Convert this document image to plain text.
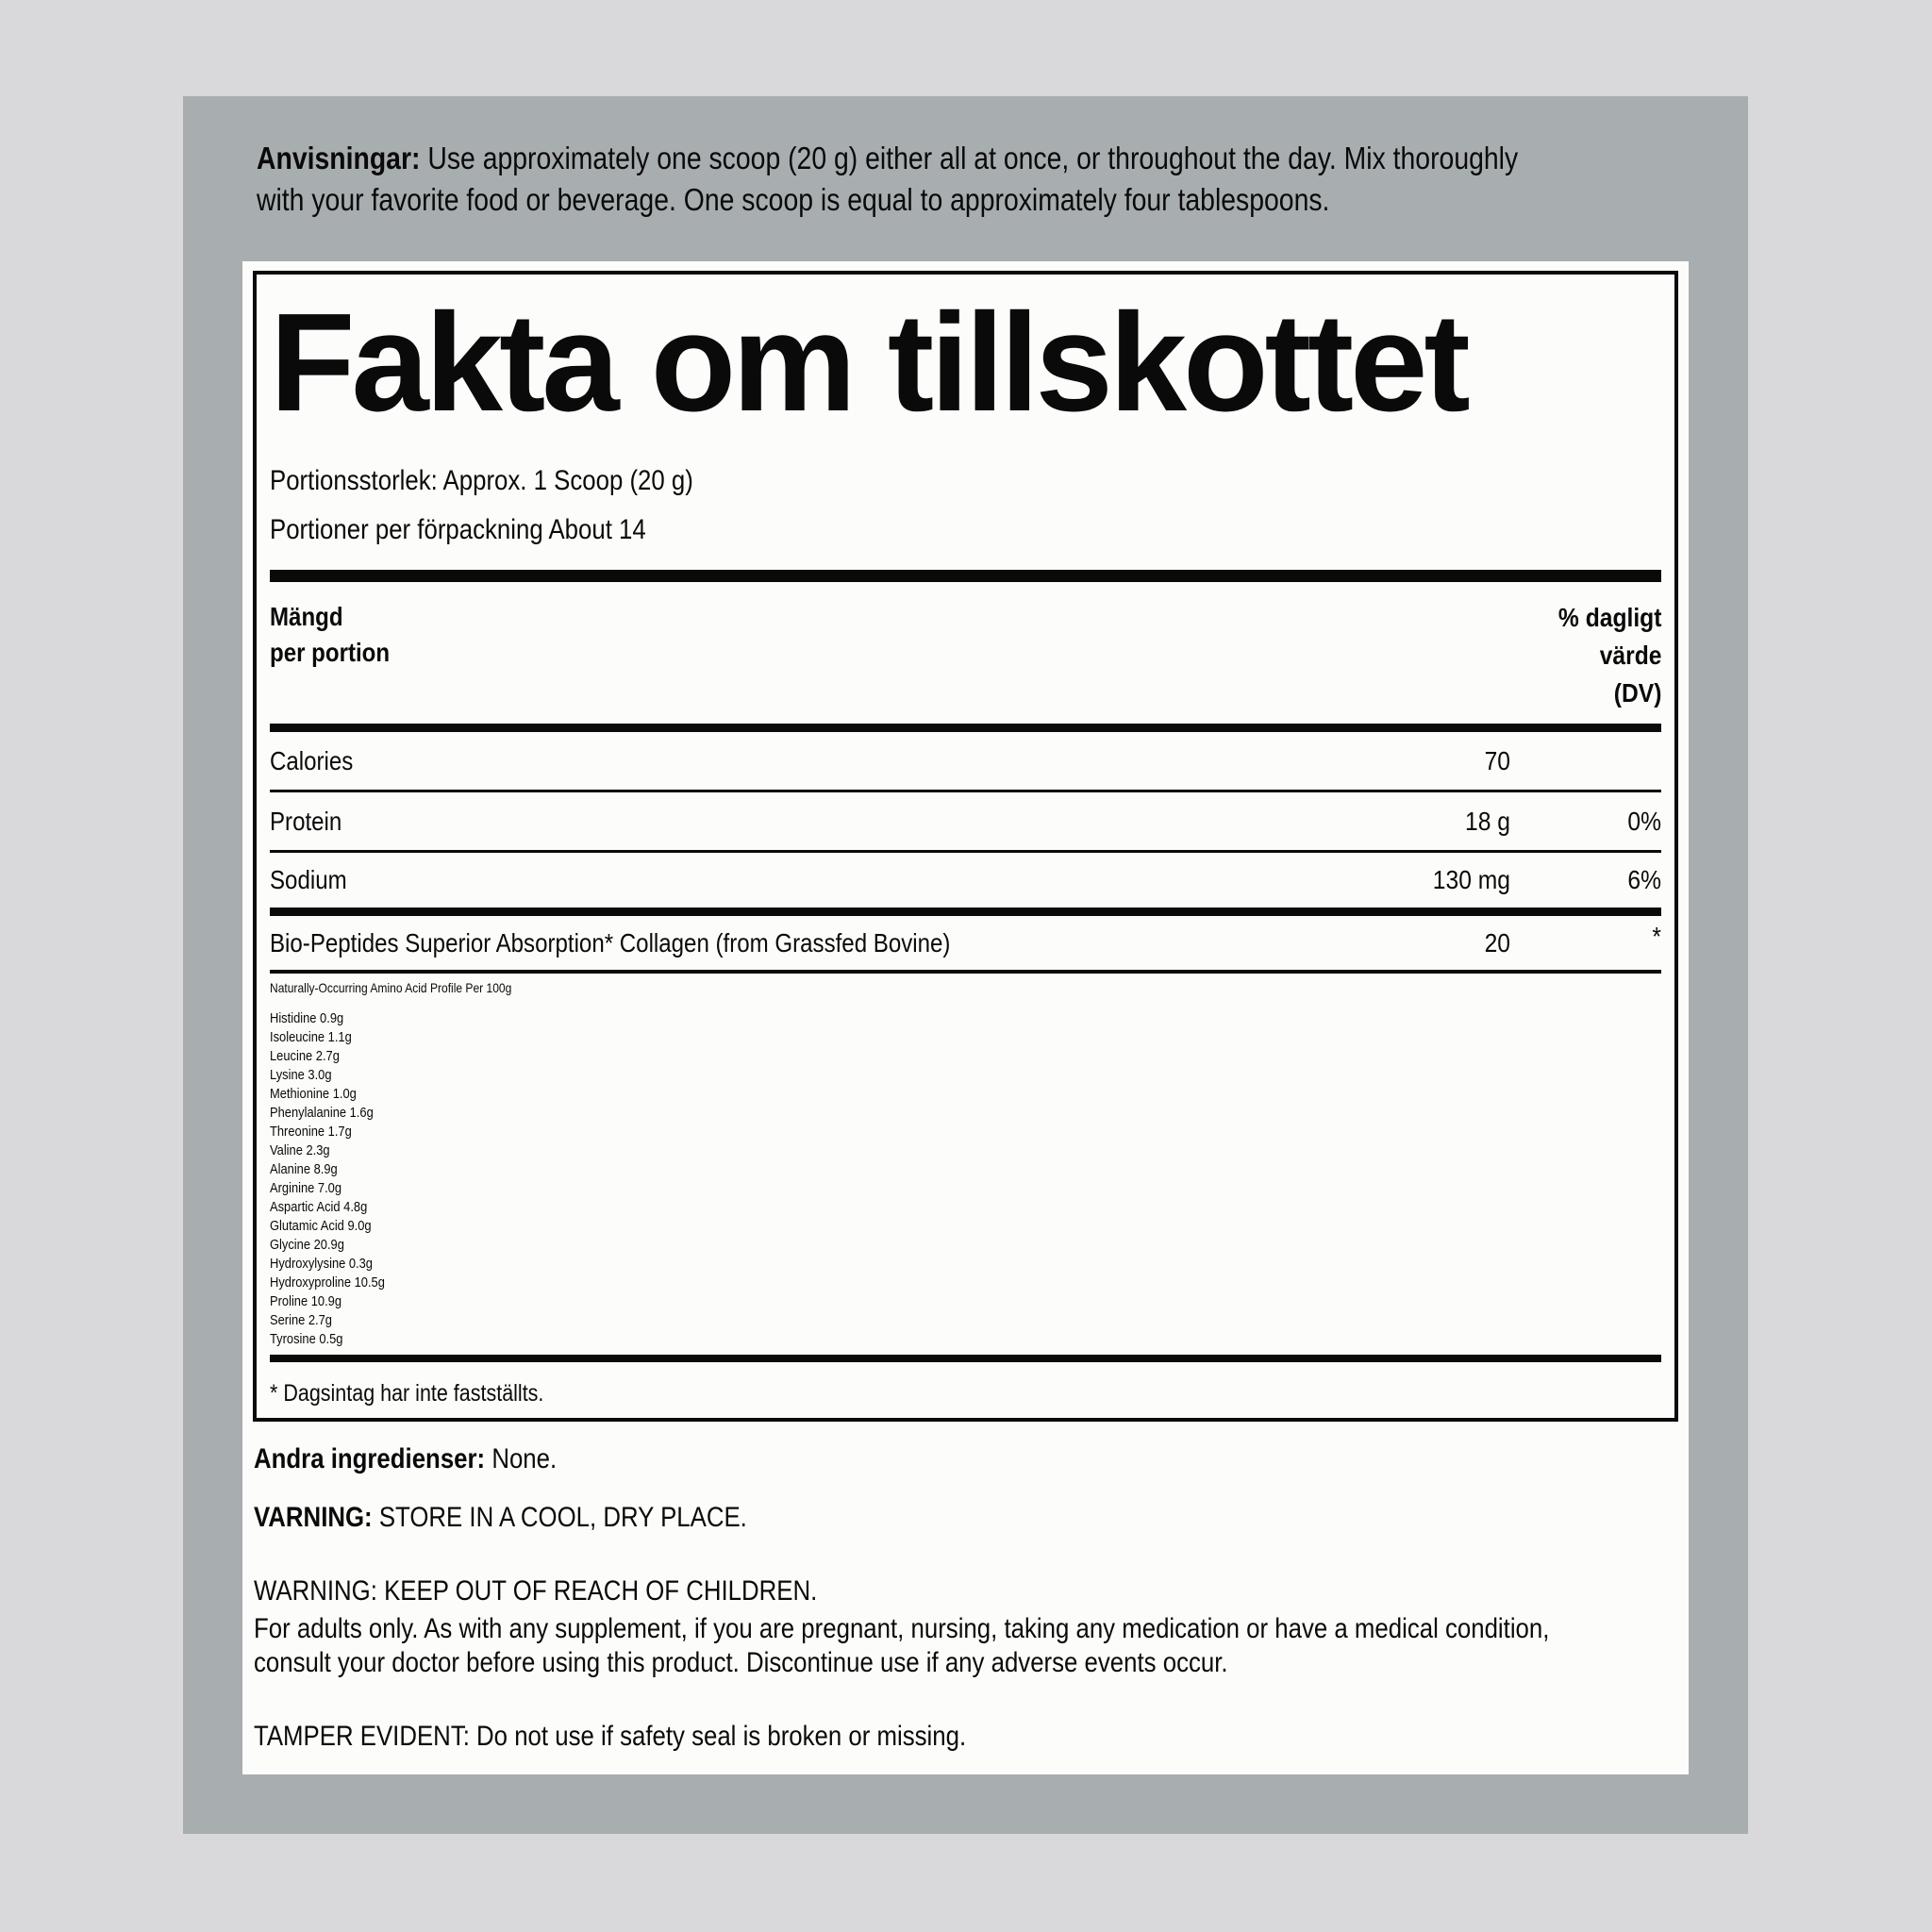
Anvisningar: Use approximately one scoop (20 g) either all at once, or throughout the day. Mix thoroughly
with your favorite food or beverage. One scoop is equal to approximately four tablespoons.
Fakta om tillskottet
Portionsstorlek: Approx. 1 Scoop (20 g)
Portioner per förpackning About 14
Mängd
per portion
% dagligt
värde
(DV)
Calories	70
Protein	18 g	0%
Sodium	130 mg	6%
Bio-Peptides Superior Absorption* Collagen (from Grassfed Bovine)	20	*
Naturally-Occurring Amino Acid Profile Per 100g
Histidine 0.9g
Isoleucine 1.1g
Leucine 2.7g
Lysine 3.0g
Methionine 1.0g
Phenylalanine 1.6g
Threonine 1.7g
Valine 2.3g
Alanine 8.9g
Arginine 7.0g
Aspartic Acid 4.8g
Glutamic Acid 9.0g
Glycine 20.9g
Hydroxylysine 0.3g
Hydroxyproline 10.5g
Proline 10.9g
Serine 2.7g
Tyrosine 0.5g
* Dagsintag har inte fastställts.

Andra ingredienser: None.

VARNING: STORE IN A COOL, DRY PLACE.

WARNING: KEEP OUT OF REACH OF CHILDREN.

For adults only. As with any supplement, if you are pregnant, nursing, taking any medication or have a medical condition,

consult your doctor before using this product. Discontinue use if any adverse events occur.

TAMPER EVIDENT: Do not use if safety seal is broken or missing.
